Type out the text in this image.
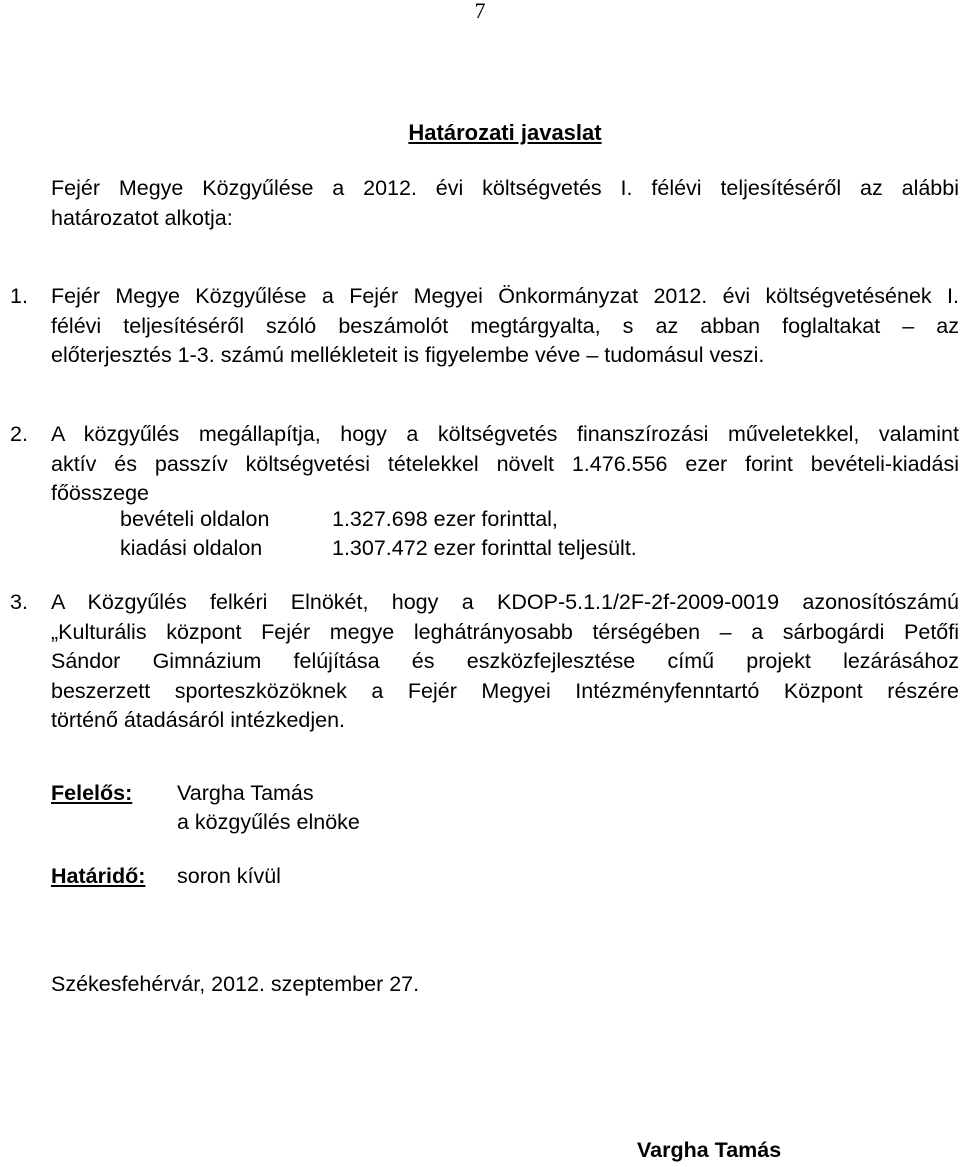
7
Határozati javaslat
Fejér Megye Közgyűlése a 2012. évi költségvetés I. félévi teljesítéséről az alábbi
határozatot alkotja:
1. Fejér Megye Közgyűlése a Fejér Megyei Önkormányzat 2012. évi költségvetésének I.
félévi teljesítéséről szóló beszámolót megtárgyalta, s az abban foglaltakat – az
előterjesztés 1-3. számú mellékleteit is figyelembe véve – tudomásul veszi.
2. A közgyűlés megállapítja, hogy a költségvetés finanszírozási műveletekkel, valamint
aktív és passzív költségvetési tételekkel növelt 1.476.556 ezer forint bevételi-kiadási
főösszege
bevételi oldalon	1.327.698 ezer forinttal,
kiadási oldalon	1.307.472 ezer forinttal teljesült.
3. A Közgyűlés felkéri Elnökét, hogy a KDOP-5.1.1/2F-2f-2009-0019 azonosítószámú
„Kulturális központ Fejér megye leghátrányosabb térségében – a sárbogárdi Petőfi
Sándor Gimnázium felújítása és eszközfejlesztése című projekt lezárásához
beszerzett sporteszközöknek a Fejér Megyei Intézményfenntartó Központ részére
történő átadásáról intézkedjen.
Felelős: Vargha Tamás
a közgyűlés elnöke
Határidő: soron kívül
Székesfehérvár, 2012. szeptember 27.
Vargha Tamás
